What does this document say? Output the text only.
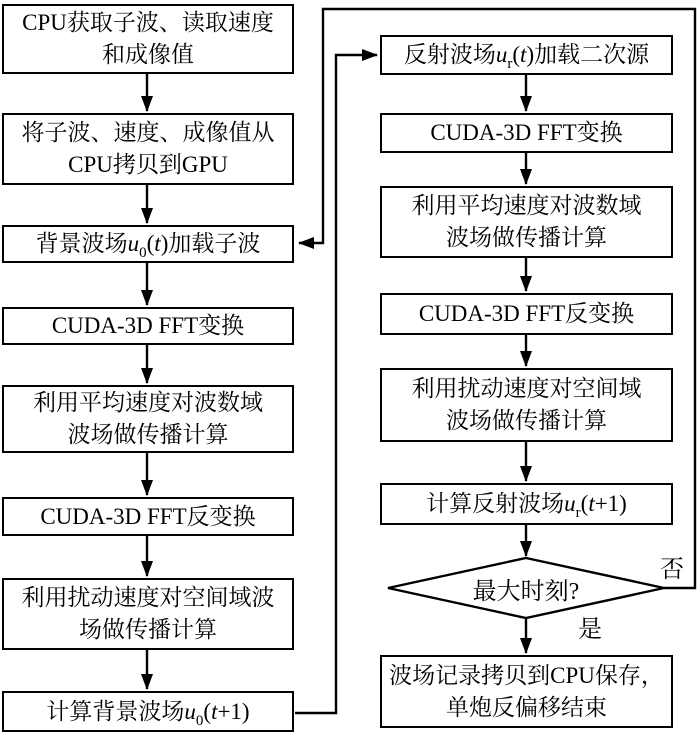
CPU获取子波、读取速度
和成像值
将子波、速度、成像值从
CPU拷贝到GPU
背景波场$u_0(t)$加载子波
CUDA-3D FFT变换
利用平均速度对波数域
波场做传播计算
CUDA-3D FFT反变换
利用扰动速度对空间域波
场做传播计算
计算背景波场$u_0(t+1)$
反射波场$u_r(t)$加载二次源
CUDA-3D FFT变换
利用平均速度对波数域
波场做传播计算
CUDA-3D FFT反变换
利用扰动速度对空间域
波场做传播计算
计算反射波场$u_r(t+1)$
最大时刻?
波场记录拷贝到CPU保存，
单炮反偏移结束
否
是
